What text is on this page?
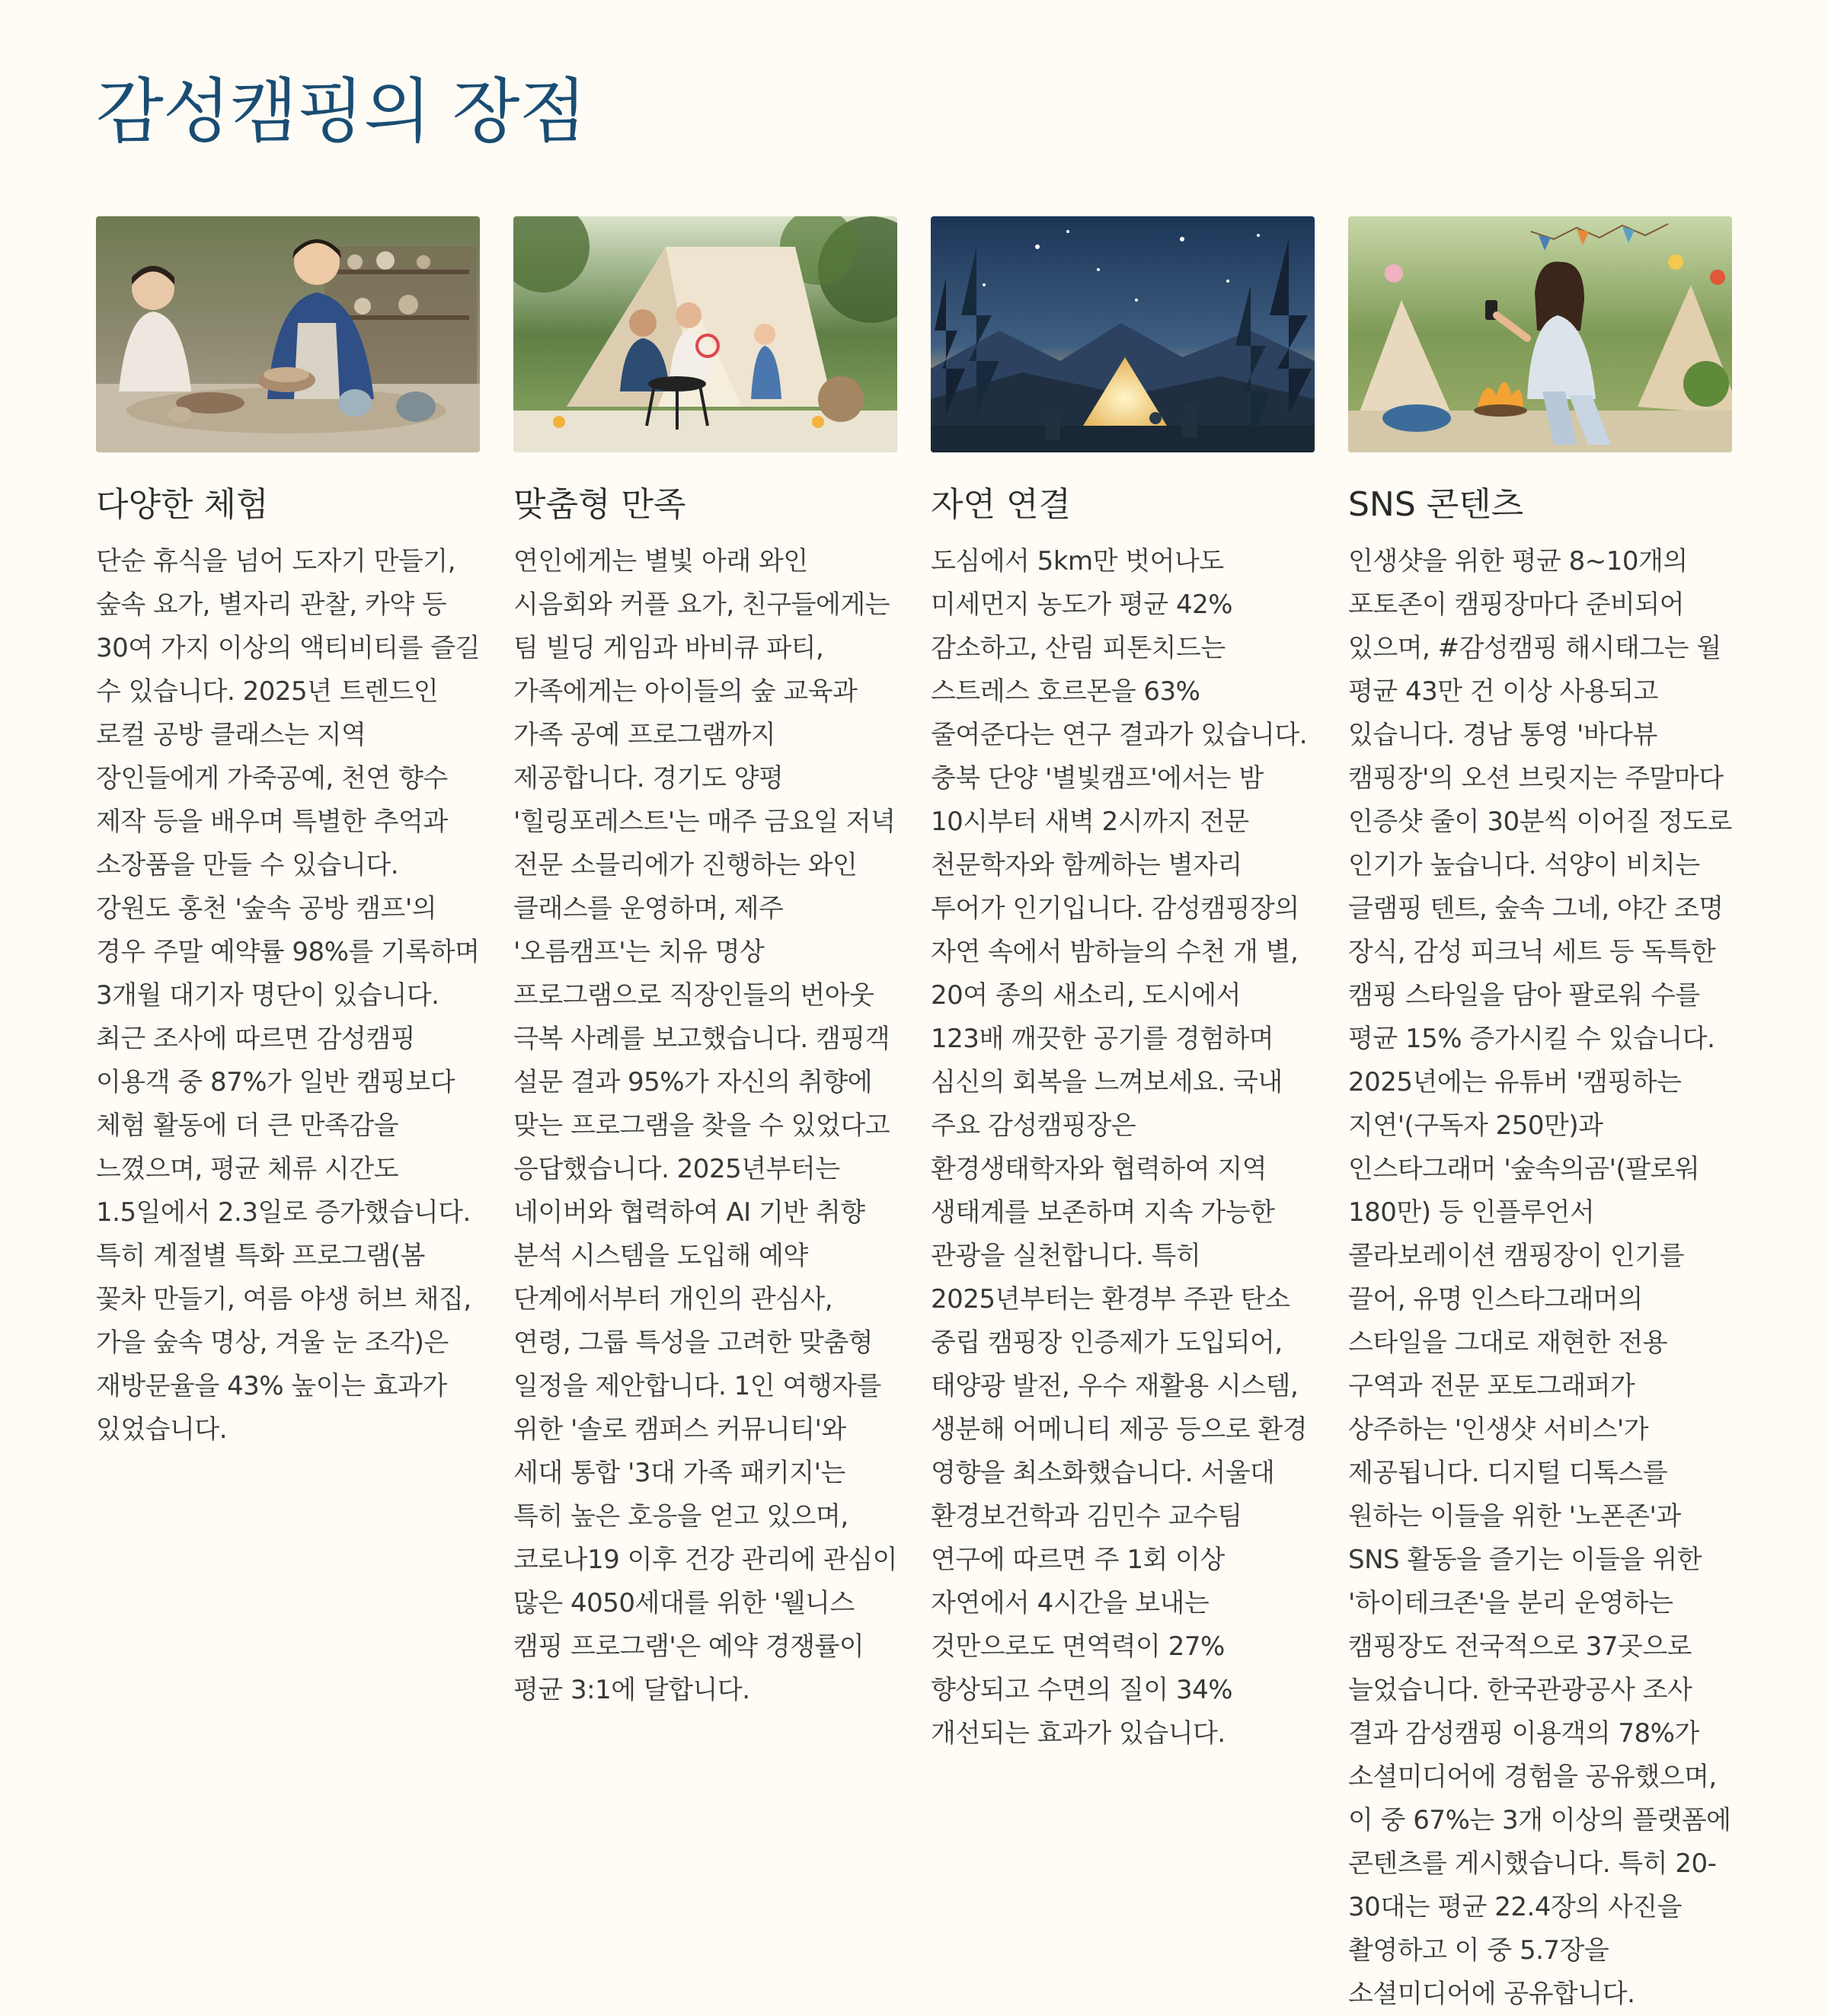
감성캠핑의 장점
다양한 체험

단순 휴식을 넘어 도자기 만들기, 숲속 요가, 별자리 관찰, 카약 등 30여 가지 이상의 액티비티를 즐길 수 있습니다. 2025년 트렌드인 로컬 공방 클래스는 지역 장인들에게 가죽공예, 천연 향수 제작 등을 배우며 특별한 추억과 소장품을 만들 수 있습니다. 강원도 홍천 '숲속 공방 캠프'의 경우 주말 예약률 98%를 기록하며 3개월 대기자 명단이 있습니다. 최근 조사에 따르면 감성캠핑 이용객 중 87%가 일반 캠핑보다 체험 활동에 더 큰 만족감을 느꼈으며, 평균 체류 시간도 1.5일에서 2.3일로 증가했습니다. 특히 계절별 특화 프로그램(봄 꽃차 만들기, 여름 야생 허브 채집, 가을 숲속 명상, 겨울 눈 조각)은 재방문율을 43% 높이는 효과가 있었습니다.

맞춤형 만족

연인에게는 별빛 아래 와인 시음회와 커플 요가, 친구들에게는 팀 빌딩 게임과 바비큐 파티, 가족에게는 아이들의 숲 교육과 가족 공예 프로그램까지 제공합니다. 경기도 양평 '힐링포레스트'는 매주 금요일 저녁 전문 소믈리에가 진행하는 와인 클래스를 운영하며, 제주 '오름캠프'는 치유 명상 프로그램으로 직장인들의 번아웃 극복 사례를 보고했습니다. 캠핑객 설문 결과 95%가 자신의 취향에 맞는 프로그램을 찾을 수 있었다고 응답했습니다. 2025년부터는 네이버와 협력하여 AI 기반 취향 분석 시스템을 도입해 예약 단계에서부터 개인의 관심사, 연령, 그룹 특성을 고려한 맞춤형 일정을 제안합니다. 1인 여행자를 위한 '솔로 캠퍼스 커뮤니티'와 세대 통합 '3대 가족 패키지'는 특히 높은 호응을 얻고 있으며, 코로나19 이후 건강 관리에 관심이 많은 4050세대를 위한 '웰니스 캠핑 프로그램'은 예약 경쟁률이 평균 3:1에 달합니다.

자연 연결

도심에서 5km만 벗어나도 미세먼지 농도가 평균 42% 감소하고, 산림 피톤치드는 스트레스 호르몬을 63% 줄여준다는 연구 결과가 있습니다. 충북 단양 '별빛캠프'에서는 밤 10시부터 새벽 2시까지 전문 천문학자와 함께하는 별자리 투어가 인기입니다. 감성캠핑장의 자연 속에서 밤하늘의 수천 개 별, 20여 종의 새소리, 도시에서 123배 깨끗한 공기를 경험하며 심신의 회복을 느껴보세요. 국내 주요 감성캠핑장은 환경생태학자와 협력하여 지역 생태계를 보존하며 지속 가능한 관광을 실천합니다. 특히 2025년부터는 환경부 주관 탄소 중립 캠핑장 인증제가 도입되어, 태양광 발전, 우수 재활용 시스템, 생분해 어메니티 제공 등으로 환경 영향을 최소화했습니다. 서울대 환경보건학과 김민수 교수팀 연구에 따르면 주 1회 이상 자연에서 4시간을 보내는 것만으로도 면역력이 27% 향상되고 수면의 질이 34% 개선되는 효과가 있습니다.

SNS 콘텐츠

인생샷을 위한 평균 8~10개의 포토존이 캠핑장마다 준비되어 있으며, #감성캠핑 해시태그는 월 평균 43만 건 이상 사용되고 있습니다. 경남 통영 '바다뷰 캠핑장'의 오션 브릿지는 주말마다 인증샷 줄이 30분씩 이어질 정도로 인기가 높습니다. 석양이 비치는 글램핑 텐트, 숲속 그네, 야간 조명 장식, 감성 피크닉 세트 등 독특한 캠핑 스타일을 담아 팔로워 수를 평균 15% 증가시킬 수 있습니다. 2025년에는 유튜버 '캠핑하는 지연'(구독자 250만)과 인스타그래머 '숲속의곰'(팔로워 180만) 등 인플루언서 콜라보레이션 캠핑장이 인기를 끌어, 유명 인스타그래머의 스타일을 그대로 재현한 전용 구역과 전문 포토그래퍼가 상주하는 '인생샷 서비스'가 제공됩니다. 디지털 디톡스를 원하는 이들을 위한 '노폰존'과 SNS 활동을 즐기는 이들을 위한 '하이테크존'을 분리 운영하는 캠핑장도 전국적으로 37곳으로 늘었습니다. 한국관광공사 조사 결과 감성캠핑 이용객의 78%가 소셜미디어에 경험을 공유했으며, 이 중 67%는 3개 이상의 플랫폼에 콘텐츠를 게시했습니다. 특히 20-30대는 평균 22.4장의 사진을 촬영하고 이 중 5.7장을 소셜미디어에 공유합니다.
